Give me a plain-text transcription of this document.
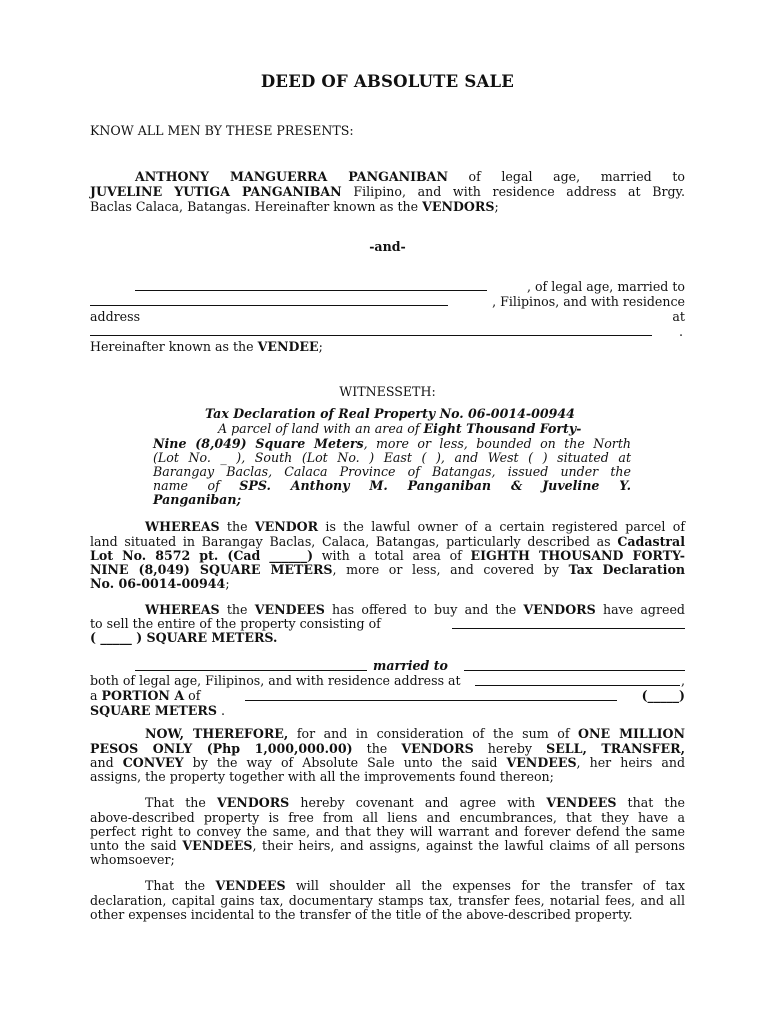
DEED OF ABSOLUTE SALE
KNOW ALL MEN BY THESE PRESENTS:
ANTHONY MANGUERRA PANGANIBAN of legal age, married to
JUVELINE YUTIGA PANGANIBAN Filipino, and with residence address at Brgy.
Baclas Calaca, Batangas. Hereinafter known as the VENDORS;
-and-
, of legal age, married to
, Filipinos, and with residence
address	at
.
Hereinafter known as the VENDEE;
WITNESSETH:
Tax Declaration of Real Property No. 06-0014-00944
A parcel of land with an area of Eight Thousand Forty-
Nine (8,049) Square Meters, more or less, bounded on the North
(Lot No. _ ), South (Lot No. ) East ( ), and West ( ) situated at
Barangay Baclas, Calaca Province of Batangas, issued under the
name of SPS. Anthony M. Panganiban & Juveline Y.
Panganiban;
WHEREAS the VENDOR is the lawful owner of a certain registered parcel of
land situated in Barangay Baclas, Calaca, Batangas, particularly described as Cadastral
Lot No. 8572 pt. (Cad ______) with a total area of EIGHTH THOUSAND FORTY-
NINE (8,049) SQUARE METERS, more or less, and covered by Tax Declaration
No. 06-0014-00944;
WHEREAS the VENDEES has offered to buy and the VENDORS have agreed
to sell the entire of the property consisting of
( _____ ) SQUARE METERS.
married to
both of legal age, Filipinos, and with residence address at	,
a PORTION A of	(_____)
SQUARE METERS .
NOW, THEREFORE, for and in consideration of the sum of ONE MILLION
PESOS ONLY (Php 1,000,000.00) the VENDORS hereby SELL, TRANSFER,
and CONVEY by the way of Absolute Sale unto the said VENDEES, her heirs and
assigns, the property together with all the improvements found thereon;
That the VENDORS hereby covenant and agree with VENDEES that the
above-described property is free from all liens and encumbrances, that they have a
perfect right to convey the same, and that they will warrant and forever defend the same
unto the said VENDEES, their heirs, and assigns, against the lawful claims of all persons
whomsoever;
That the VENDEES will shoulder all the expenses for the transfer of tax
declaration, capital gains tax, documentary stamps tax, transfer fees, notarial fees, and all
other expenses incidental to the transfer of the title of the above-described property.
